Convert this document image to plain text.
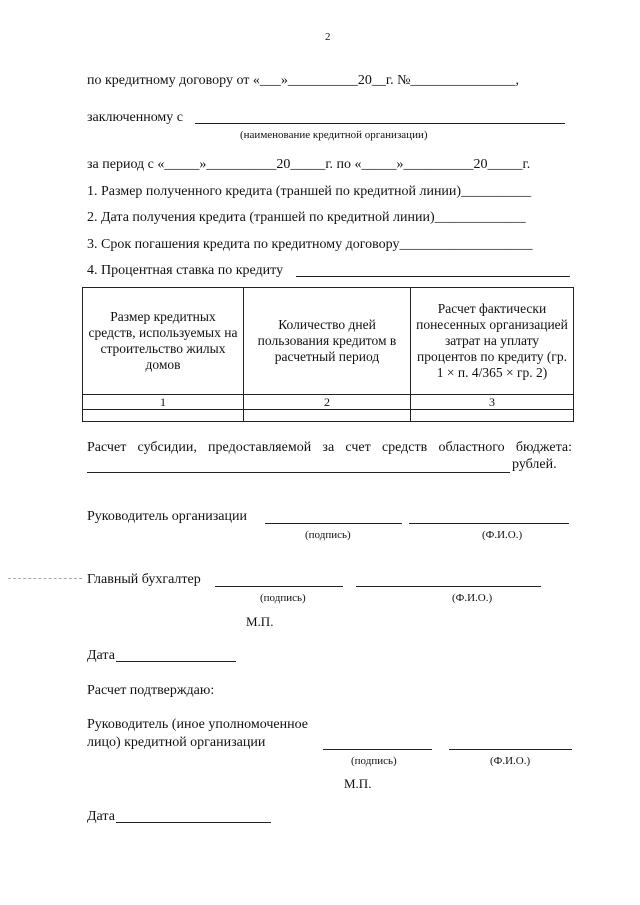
2
по кредитному договору от «___»__________20__г. №_______________,
заключенному с
(наименование кредитной организации)
за период с «_____»__________20_____г. по «_____»__________20_____г.
1. Размер полученного кредита (траншей по кредитной линии)__________
2. Дата получения кредита (траншей по кредитной линии)_____________
3. Срок погашения кредита по кредитному договору___________________
4. Процентная ставка по кредиту
Размер кредитных средств, используемых на строительство жилых домов	Количество дней пользования кредитом в расчетный период	Расчет фактически понесенных организацией затрат на уплату процентов по кредиту (гр. 1 × п. 4/365 × гр. 2)
1	2	3

Расчет субсидии, предоставляемой за счет средств областного бюджета:
рублей.
Руководитель организации
(подпись)	(Ф.И.О.)
Главный бухгалтер
(подпись)	(Ф.И.О.)
М.П.
Дата
Расчет подтверждаю:
Руководитель (иное уполномоченное
лицо) кредитной организации
(подпись)	(Ф.И.О.)
М.П.
Дата
